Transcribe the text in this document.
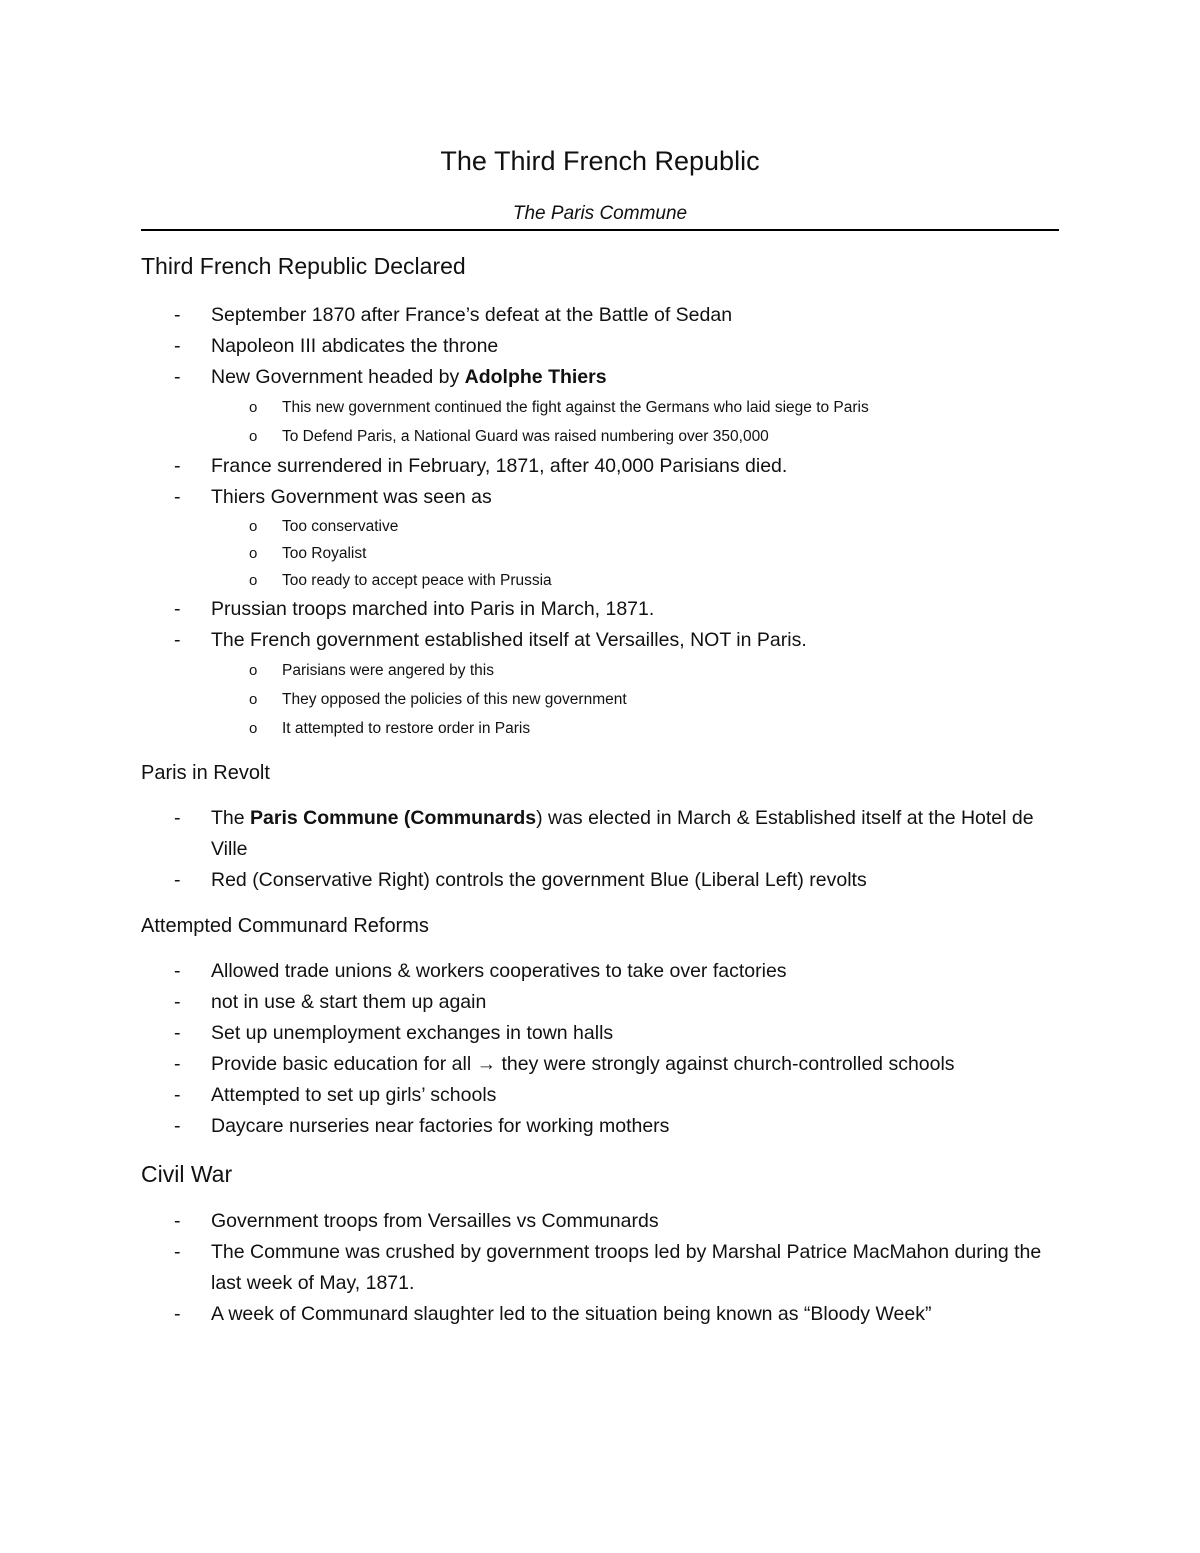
The Third French Republic
The Paris Commune
Third French Republic Declared
- September 1870 after France’s defeat at the Battle of Sedan
- Napoleon III abdicates the throne
- New Government headed by Adolphe Thiers
o This new government continued the fight against the Germans who laid siege to Paris
o To Defend Paris, a National Guard was raised numbering over 350,000
- France surrendered in February, 1871, after 40,000 Parisians died.
- Thiers Government was seen as
o Too conservative
o Too Royalist
o Too ready to accept peace with Prussia
- Prussian troops marched into Paris in March, 1871.
- The French government established itself at Versailles, NOT in Paris.
o Parisians were angered by this
o They opposed the policies of this new government
o It attempted to restore order in Paris
Paris in Revolt
- The Paris Commune (Communards) was elected in March & Established itself at the Hotel de Ville
- Red (Conservative Right) controls the government Blue (Liberal Left) revolts
Attempted Communard Reforms
- Allowed trade unions & workers cooperatives to take over factories
- not in use & start them up again
- Set up unemployment exchanges in town halls
- Provide basic education for all → they were strongly against church-controlled schools
- Attempted to set up girls’ schools
- Daycare nurseries near factories for working mothers
Civil War
- Government troops from Versailles vs Communards
- The Commune was crushed by government troops led by Marshal Patrice MacMahon during the last week of May, 1871.
- A week of Communard slaughter led to the situation being known as “Bloody Week”
